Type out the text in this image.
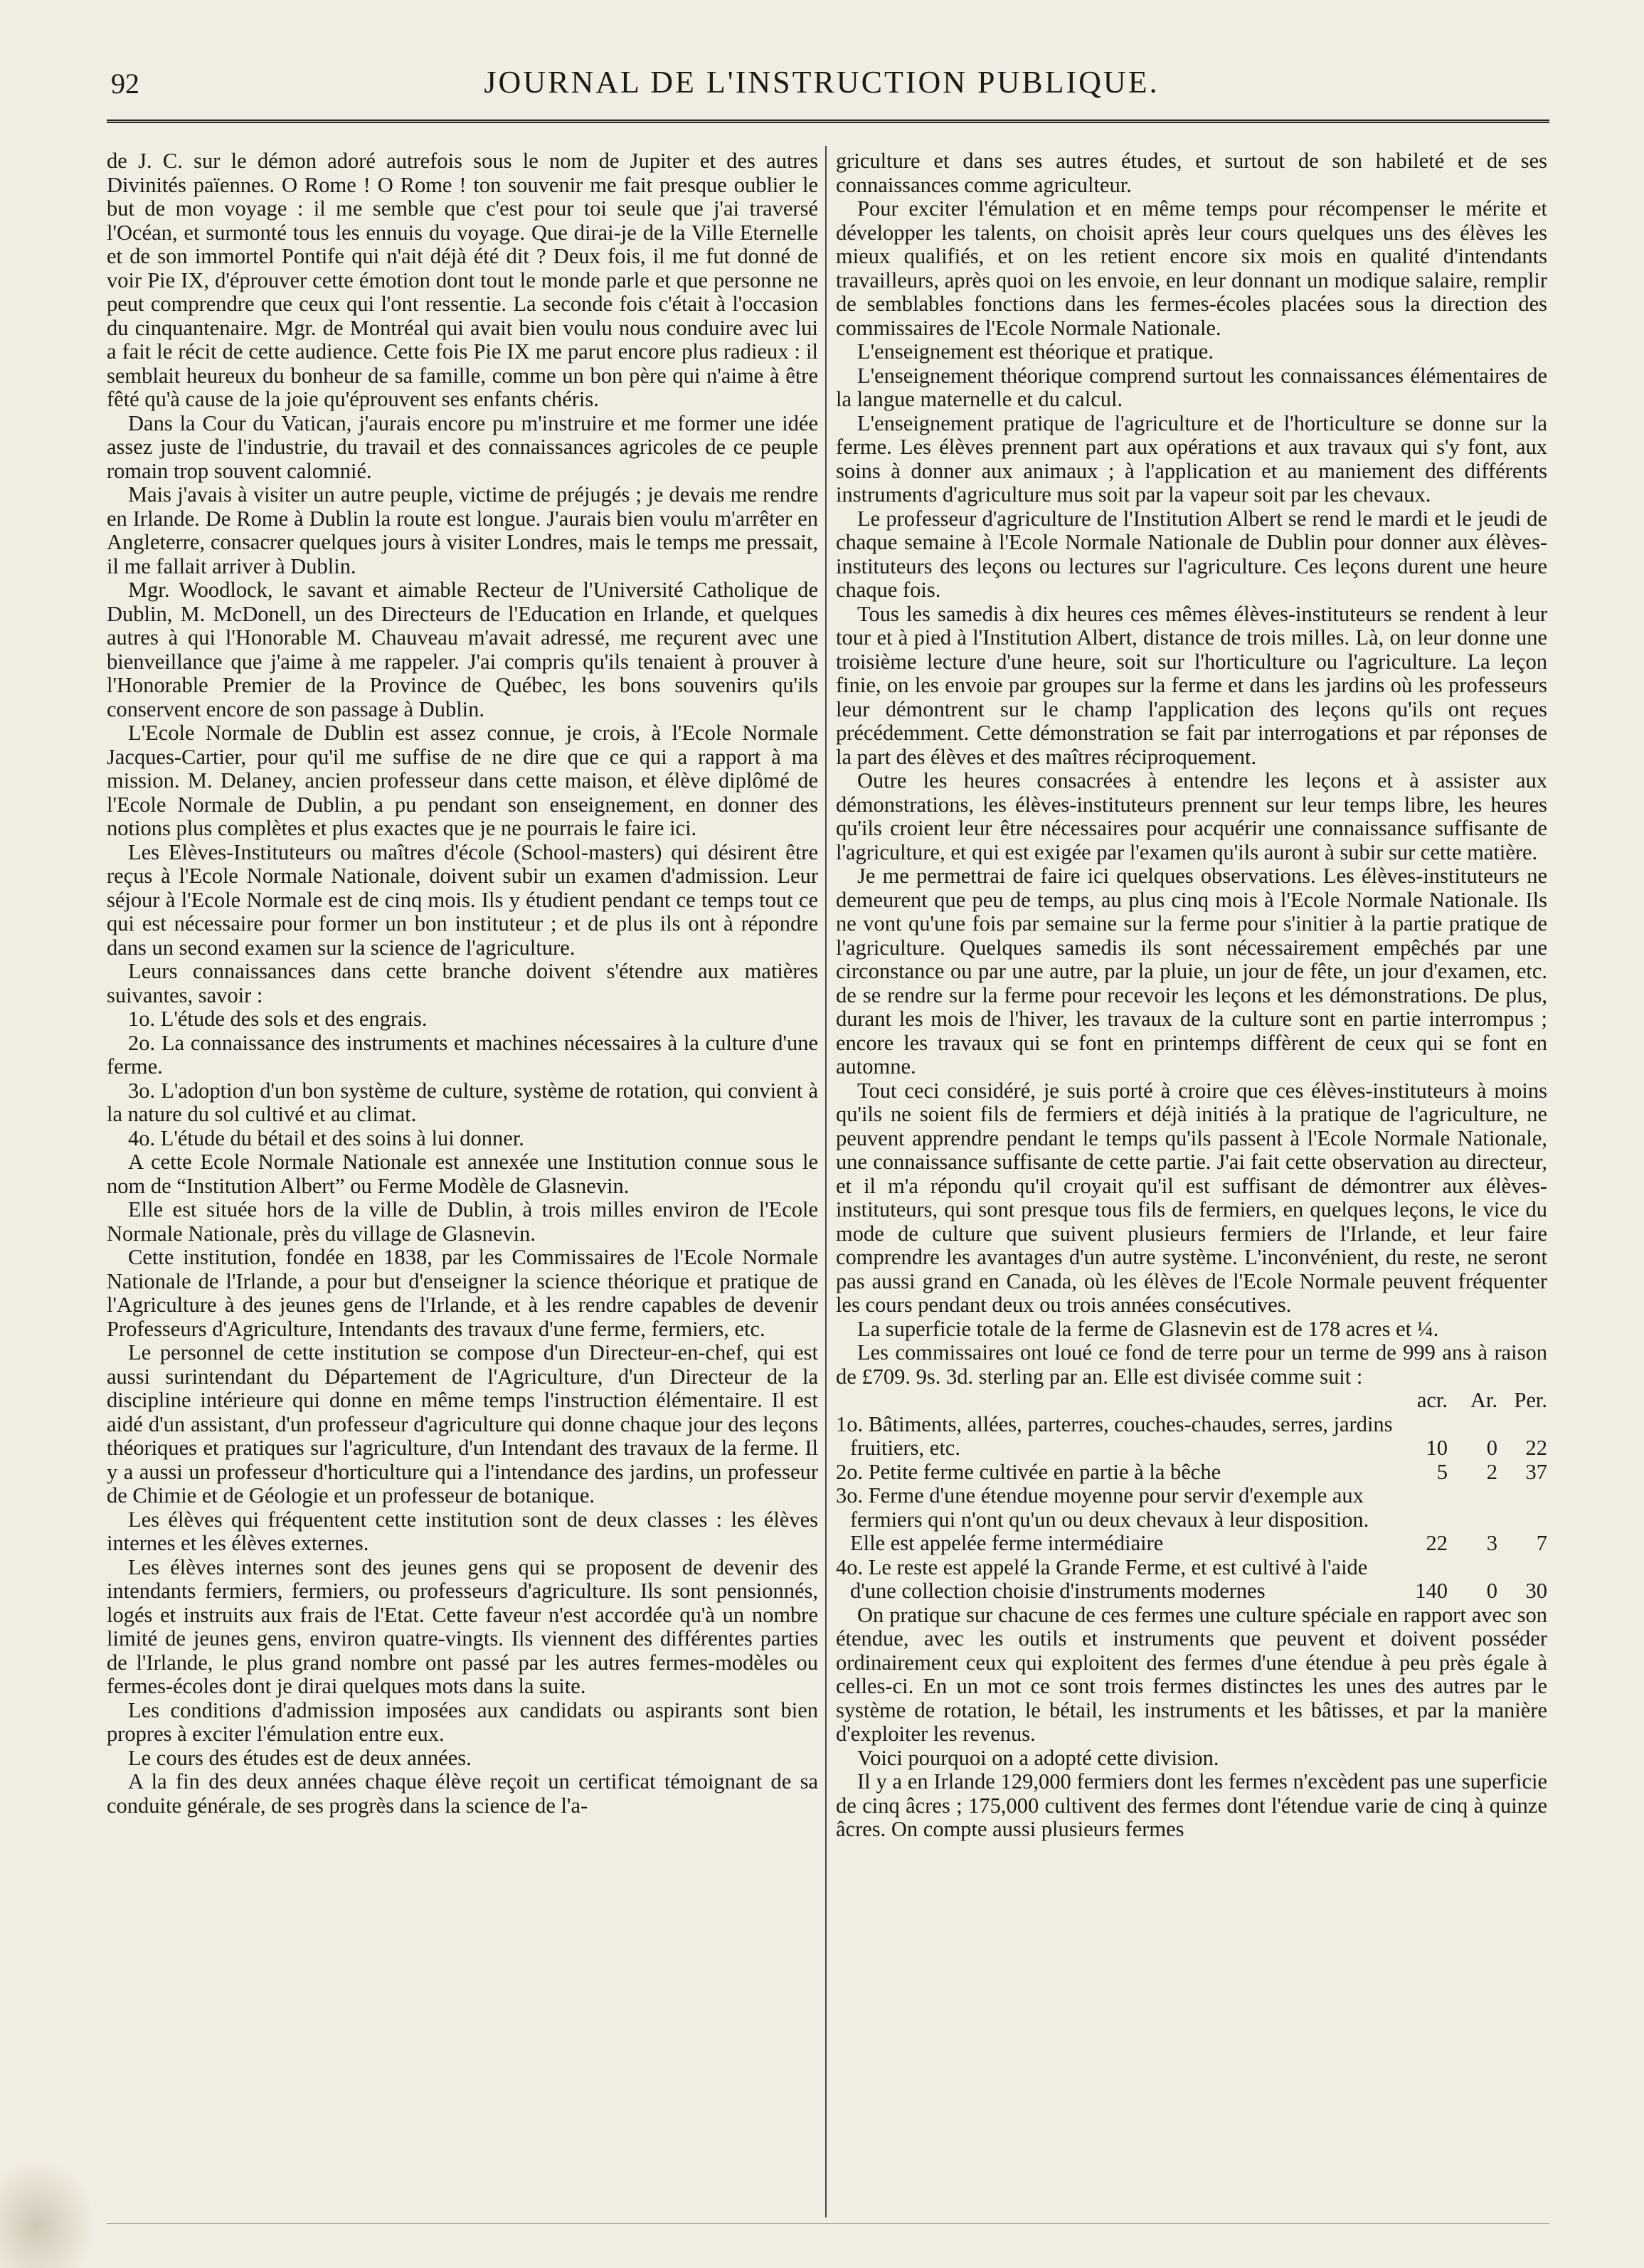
92	JOURNAL DE L'INSTRUCTION PUBLIQUE.

de J. C. sur le démon adoré autrefois sous le nom de Jupiter et des autres Divinités païennes. O Rome ! O Rome ! ton souvenir me fait presque oublier le but de mon voyage : il me semble que c'est pour toi seule que j'ai traversé l'Océan, et surmonté tous les ennuis du voyage. Que dirai-je de la Ville Eternelle et de son immortel Pontife qui n'ait déjà été dit ? Deux fois, il me fut donné de voir Pie IX, d'éprouver cette émotion dont tout le monde parle et que personne ne peut comprendre que ceux qui l'ont ressentie. La seconde fois c'était à l'occasion du cinquantenaire. Mgr. de Montréal qui avait bien voulu nous conduire avec lui a fait le récit de cette audience. Cette fois Pie IX me parut encore plus radieux : il semblait heureux du bonheur de sa famille, comme un bon père qui n'aime à être fêté qu'à cause de la joie qu'éprouvent ses enfants chéris.

Dans la Cour du Vatican, j'aurais encore pu m'instruire et me former une idée assez juste de l'industrie, du travail et des connaissances agricoles de ce peuple romain trop souvent calomnié.

Mais j'avais à visiter un autre peuple, victime de préjugés ; je devais me rendre en Irlande. De Rome à Dublin la route est longue. J'aurais bien voulu m'arrêter en Angleterre, consacrer quelques jours à visiter Londres, mais le temps me pressait, il me fallait arriver à Dublin.

Mgr. Woodlock, le savant et aimable Recteur de l'Université Catholique de Dublin, M. McDonell, un des Directeurs de l'Education en Irlande, et quelques autres à qui l'Honorable M. Chauveau m'avait adressé, me reçurent avec une bienveillance que j'aime à me rappeler. J'ai compris qu'ils tenaient à prouver à l'Honorable Premier de la Province de Québec, les bons souvenirs qu'ils conservent encore de son passage à Dublin.

L'Ecole Normale de Dublin est assez connue, je crois, à l'Ecole Normale Jacques-Cartier, pour qu'il me suffise de ne dire que ce qui a rapport à ma mission. M. Delaney, ancien professeur dans cette maison, et élève diplômé de l'Ecole Normale de Dublin, a pu pendant son enseignement, en donner des notions plus complètes et plus exactes que je ne pourrais le faire ici.

Les Elèves-Instituteurs ou maîtres d'école (School-masters) qui désirent être reçus à l'Ecole Normale Nationale, doivent subir un examen d'admission. Leur séjour à l'Ecole Normale est de cinq mois. Ils y étudient pendant ce temps tout ce qui est nécessaire pour former un bon instituteur ; et de plus ils ont à répondre dans un second examen sur la science de l'agriculture.

Leurs connaissances dans cette branche doivent s'étendre aux matières suivantes, savoir :

1o. L'étude des sols et des engrais.

2o. La connaissance des instruments et machines nécessaires à la culture d'une ferme.

3o. L'adoption d'un bon système de culture, système de rotation, qui convient à la nature du sol cultivé et au climat.

4o. L'étude du bétail et des soins à lui donner.

A cette Ecole Normale Nationale est annexée une Institution connue sous le nom de “Institution Albert” ou Ferme Modèle de Glasnevin.

Elle est située hors de la ville de Dublin, à trois milles environ de l'Ecole Normale Nationale, près du village de Glasnevin.

Cette institution, fondée en 1838, par les Commissaires de l'Ecole Normale Nationale de l'Irlande, a pour but d'enseigner la science théorique et pratique de l'Agriculture à des jeunes gens de l'Irlande, et à les rendre capables de devenir Professeurs d'Agriculture, Intendants des travaux d'une ferme, fermiers, etc.

Le personnel de cette institution se compose d'un Directeur-en-chef, qui est aussi surintendant du Département de l'Agriculture, d'un Directeur de la discipline intérieure qui donne en même temps l'instruction élémentaire. Il est aidé d'un assistant, d'un professeur d'agriculture qui donne chaque jour des leçons théoriques et pratiques sur l'agriculture, d'un Intendant des travaux de la ferme. Il y a aussi un professeur d'horticulture qui a l'intendance des jardins, un professeur de Chimie et de Géologie et un professeur de botanique.

Les élèves qui fréquentent cette institution sont de deux classes : les élèves internes et les élèves externes.

Les élèves internes sont des jeunes gens qui se proposent de devenir des intendants fermiers, fermiers, ou professeurs d'agriculture. Ils sont pensionnés, logés et instruits aux frais de l'Etat. Cette faveur n'est accordée qu'à un nombre limité de jeunes gens, environ quatre-vingts. Ils viennent des différentes parties de l'Irlande, le plus grand nombre ont passé par les autres fermes-modèles ou fermes-écoles dont je dirai quelques mots dans la suite.

Les conditions d'admission imposées aux candidats ou aspirants sont bien propres à exciter l'émulation entre eux.

Le cours des études est de deux années.

A la fin des deux années chaque élève reçoit un certificat témoignant de sa conduite générale, de ses progrès dans la science de l'a-

griculture et dans ses autres études, et surtout de son habileté et de ses connaissances comme agriculteur.

Pour exciter l'émulation et en même temps pour récompenser le mérite et développer les talents, on choisit après leur cours quelques uns des élèves les mieux qualifiés, et on les retient encore six mois en qualité d'intendants travailleurs, après quoi on les envoie, en leur donnant un modique salaire, remplir de semblables fonctions dans les fermes-écoles placées sous la direction des commissaires de l'Ecole Normale Nationale.

L'enseignement est théorique et pratique.

L'enseignement théorique comprend surtout les connaissances élémentaires de la langue maternelle et du calcul.

L'enseignement pratique de l'agriculture et de l'horticulture se donne sur la ferme. Les élèves prennent part aux opérations et aux travaux qui s'y font, aux soins à donner aux animaux ; à l'application et au maniement des différents instruments d'agriculture mus soit par la vapeur soit par les chevaux.

Le professeur d'agriculture de l'Institution Albert se rend le mardi et le jeudi de chaque semaine à l'Ecole Normale Nationale de Dublin pour donner aux élèves-instituteurs des leçons ou lectures sur l'agriculture. Ces leçons durent une heure chaque fois.

Tous les samedis à dix heures ces mêmes élèves-instituteurs se rendent à leur tour et à pied à l'Institution Albert, distance de trois milles. Là, on leur donne une troisième lecture d'une heure, soit sur l'horticulture ou l'agriculture. La leçon finie, on les envoie par groupes sur la ferme et dans les jardins où les professeurs leur démontrent sur le champ l'application des leçons qu'ils ont reçues précédemment. Cette démonstration se fait par interrogations et par réponses de la part des élèves et des maîtres réciproquement.

Outre les heures consacrées à entendre les leçons et à assister aux démonstrations, les élèves-instituteurs prennent sur leur temps libre, les heures qu'ils croient leur être nécessaires pour acquérir une connaissance suffisante de l'agriculture, et qui est exigée par l'examen qu'ils auront à subir sur cette matière.

Je me permettrai de faire ici quelques observations. Les élèves-instituteurs ne demeurent que peu de temps, au plus cinq mois à l'Ecole Normale Nationale. Ils ne vont qu'une fois par semaine sur la ferme pour s'initier à la partie pratique de l'agriculture. Quelques samedis ils sont nécessairement empêchés par une circonstance ou par une autre, par la pluie, un jour de fête, un jour d'examen, etc. de se rendre sur la ferme pour recevoir les leçons et les démonstrations. De plus, durant les mois de l'hiver, les travaux de la culture sont en partie interrompus ; encore les travaux qui se font en printemps diffèrent de ceux qui se font en automne.

Tout ceci considéré, je suis porté à croire que ces élèves-instituteurs à moins qu'ils ne soient fils de fermiers et déjà initiés à la pratique de l'agriculture, ne peuvent apprendre pendant le temps qu'ils passent à l'Ecole Normale Nationale, une connaissance suffisante de cette partie. J'ai fait cette observation au directeur, et il m'a répondu qu'il croyait qu'il est suffisant de démontrer aux élèves-instituteurs, qui sont presque tous fils de fermiers, en quelques leçons, le vice du mode de culture que suivent plusieurs fermiers de l'Irlande, et leur faire comprendre les avantages d'un autre système. L'inconvénient, du reste, ne seront pas aussi grand en Canada, où les élèves de l'Ecole Normale peuvent fréquenter les cours pendant deux ou trois années consécutives.

La superficie totale de la ferme de Glasnevin est de 178 acres et ¼.

Les commissaires ont loué ce fond de terre pour un terme de 999 ans à raison de £709. 9s. 3d. sterling par an. Elle est divisée comme suit :

	acr.	Ar.	Per.
1o. Bâtiments, allées, parterres, couches-chaudes, serres, jardins fruitiers, etc.	10	0	22
2o. Petite ferme cultivée en partie à la bêche	5	2	37
3o. Ferme d'une étendue moyenne pour servir d'exemple aux fermiers qui n'ont qu'un ou deux chevaux à leur disposition. Elle est appelée ferme intermédiaire	22	3	7
4o. Le reste est appelé la Grande Ferme, et est cultivé à l'aide d'une collection choisie d'instruments modernes	140	0	30

On pratique sur chacune de ces fermes une culture spéciale en rapport avec son étendue, avec les outils et instruments que peuvent et doivent posséder ordinairement ceux qui exploitent des fermes d'une étendue à peu près égale à celles-ci. En un mot ce sont trois fermes distinctes les unes des autres par le système de rotation, le bétail, les instruments et les bâtisses, et par la manière d'exploiter les revenus.

Voici pourquoi on a adopté cette division.

Il y a en Irlande 129,000 fermiers dont les fermes n'excèdent pas une superficie de cinq âcres ; 175,000 cultivent des fermes dont l'étendue varie de cinq à quinze âcres. On compte aussi plusieurs fermes
